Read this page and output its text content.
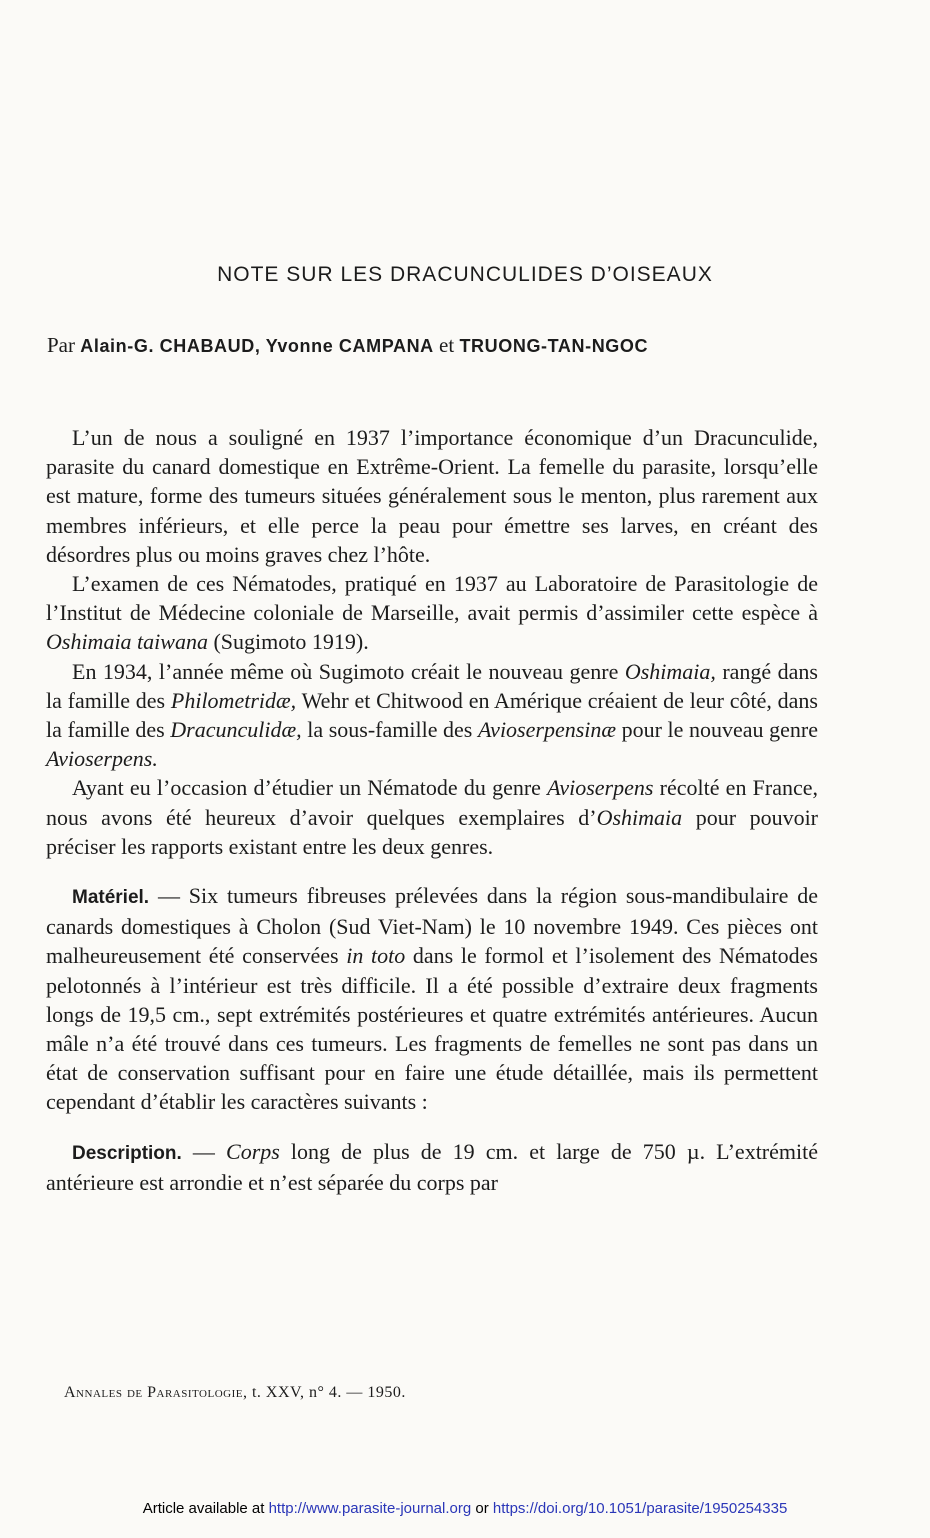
NOTE SUR LES DRACUNCULIDES D’OISEAUX
Par Alain-G. CHABAUD, Yvonne CAMPANA et TRUONG-TAN-NGOC

L’un de nous a souligné en 1937 l’importance économique d’un Dracunculide, parasite du canard domestique en Extrême-Orient. La femelle du parasite, lorsqu’elle est mature, forme des tumeurs situées généralement sous le menton, plus rarement aux membres inférieurs, et elle perce la peau pour émettre ses larves, en créant des désordres plus ou moins graves chez l’hôte.

L’examen de ces Nématodes, pratiqué en 1937 au Laboratoire de Parasitologie de l’Institut de Médecine coloniale de Marseille, avait permis d’assimiler cette espèce à Oshimaia taiwana (Sugimoto 1919).

En 1934, l’année même où Sugimoto créait le nouveau genre Oshimaia, rangé dans la famille des Philometridæ, Wehr et Chitwood en Amérique créaient de leur côté, dans la famille des Dracunculidæ, la sous-famille des Avioserpensinæ pour le nouveau genre Avioserpens.

Ayant eu l’occasion d’étudier un Nématode du genre Avioserpens récolté en France, nous avons été heureux d’avoir quelques exemplaires d’Oshimaia pour pouvoir préciser les rapports existant entre les deux genres.

Matériel. — Six tumeurs fibreuses prélevées dans la région sous-mandibulaire de canards domestiques à Cholon (Sud Viet-Nam) le 10 novembre 1949. Ces pièces ont malheureusement été conservées in toto dans le formol et l’isolement des Nématodes pelotonnés à l’intérieur est très difficile. Il a été possible d’extraire deux fragments longs de 19,5 cm., sept extrémités postérieures et quatre extrémités antérieures. Aucun mâle n’a été trouvé dans ces tumeurs. Les fragments de femelles ne sont pas dans un état de conservation suffisant pour en faire une étude détaillée, mais ils permettent cependant d’établir les caractères suivants :

Description. — Corps long de plus de 19 cm. et large de 750 µ. L’extrémité antérieure est arrondie et n’est séparée du corps par

Annales de Parasitologie, t. XXV, n° 4. — 1950.
Article available at http://www.parasite-journal.org or https://doi.org/10.1051/parasite/1950254335
